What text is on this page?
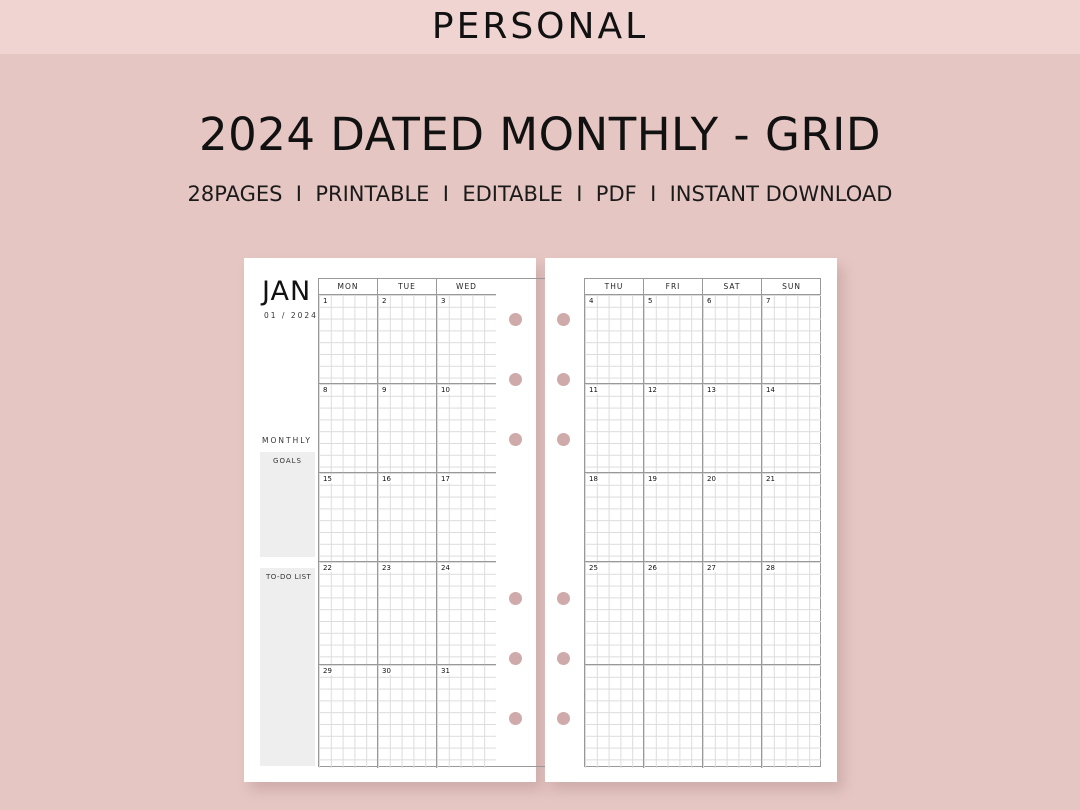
PERSONAL
2024 DATED MONTHLY - GRID
28PAGES  I  PRINTABLE  I  EDITABLE  I  PDF  I  INSTANT DOWNLOAD
JAN
01 / 2024
MONTHLY
GOALS
TO-DO LIST
MON	TUE	WED
1	2	3
8	9	10
15	16	17
22	23	24
29	30	31
THU	FRI	SAT	SUN
4	5	6	7
11	12	13	14
18	19	20	21
25	26	27	28
